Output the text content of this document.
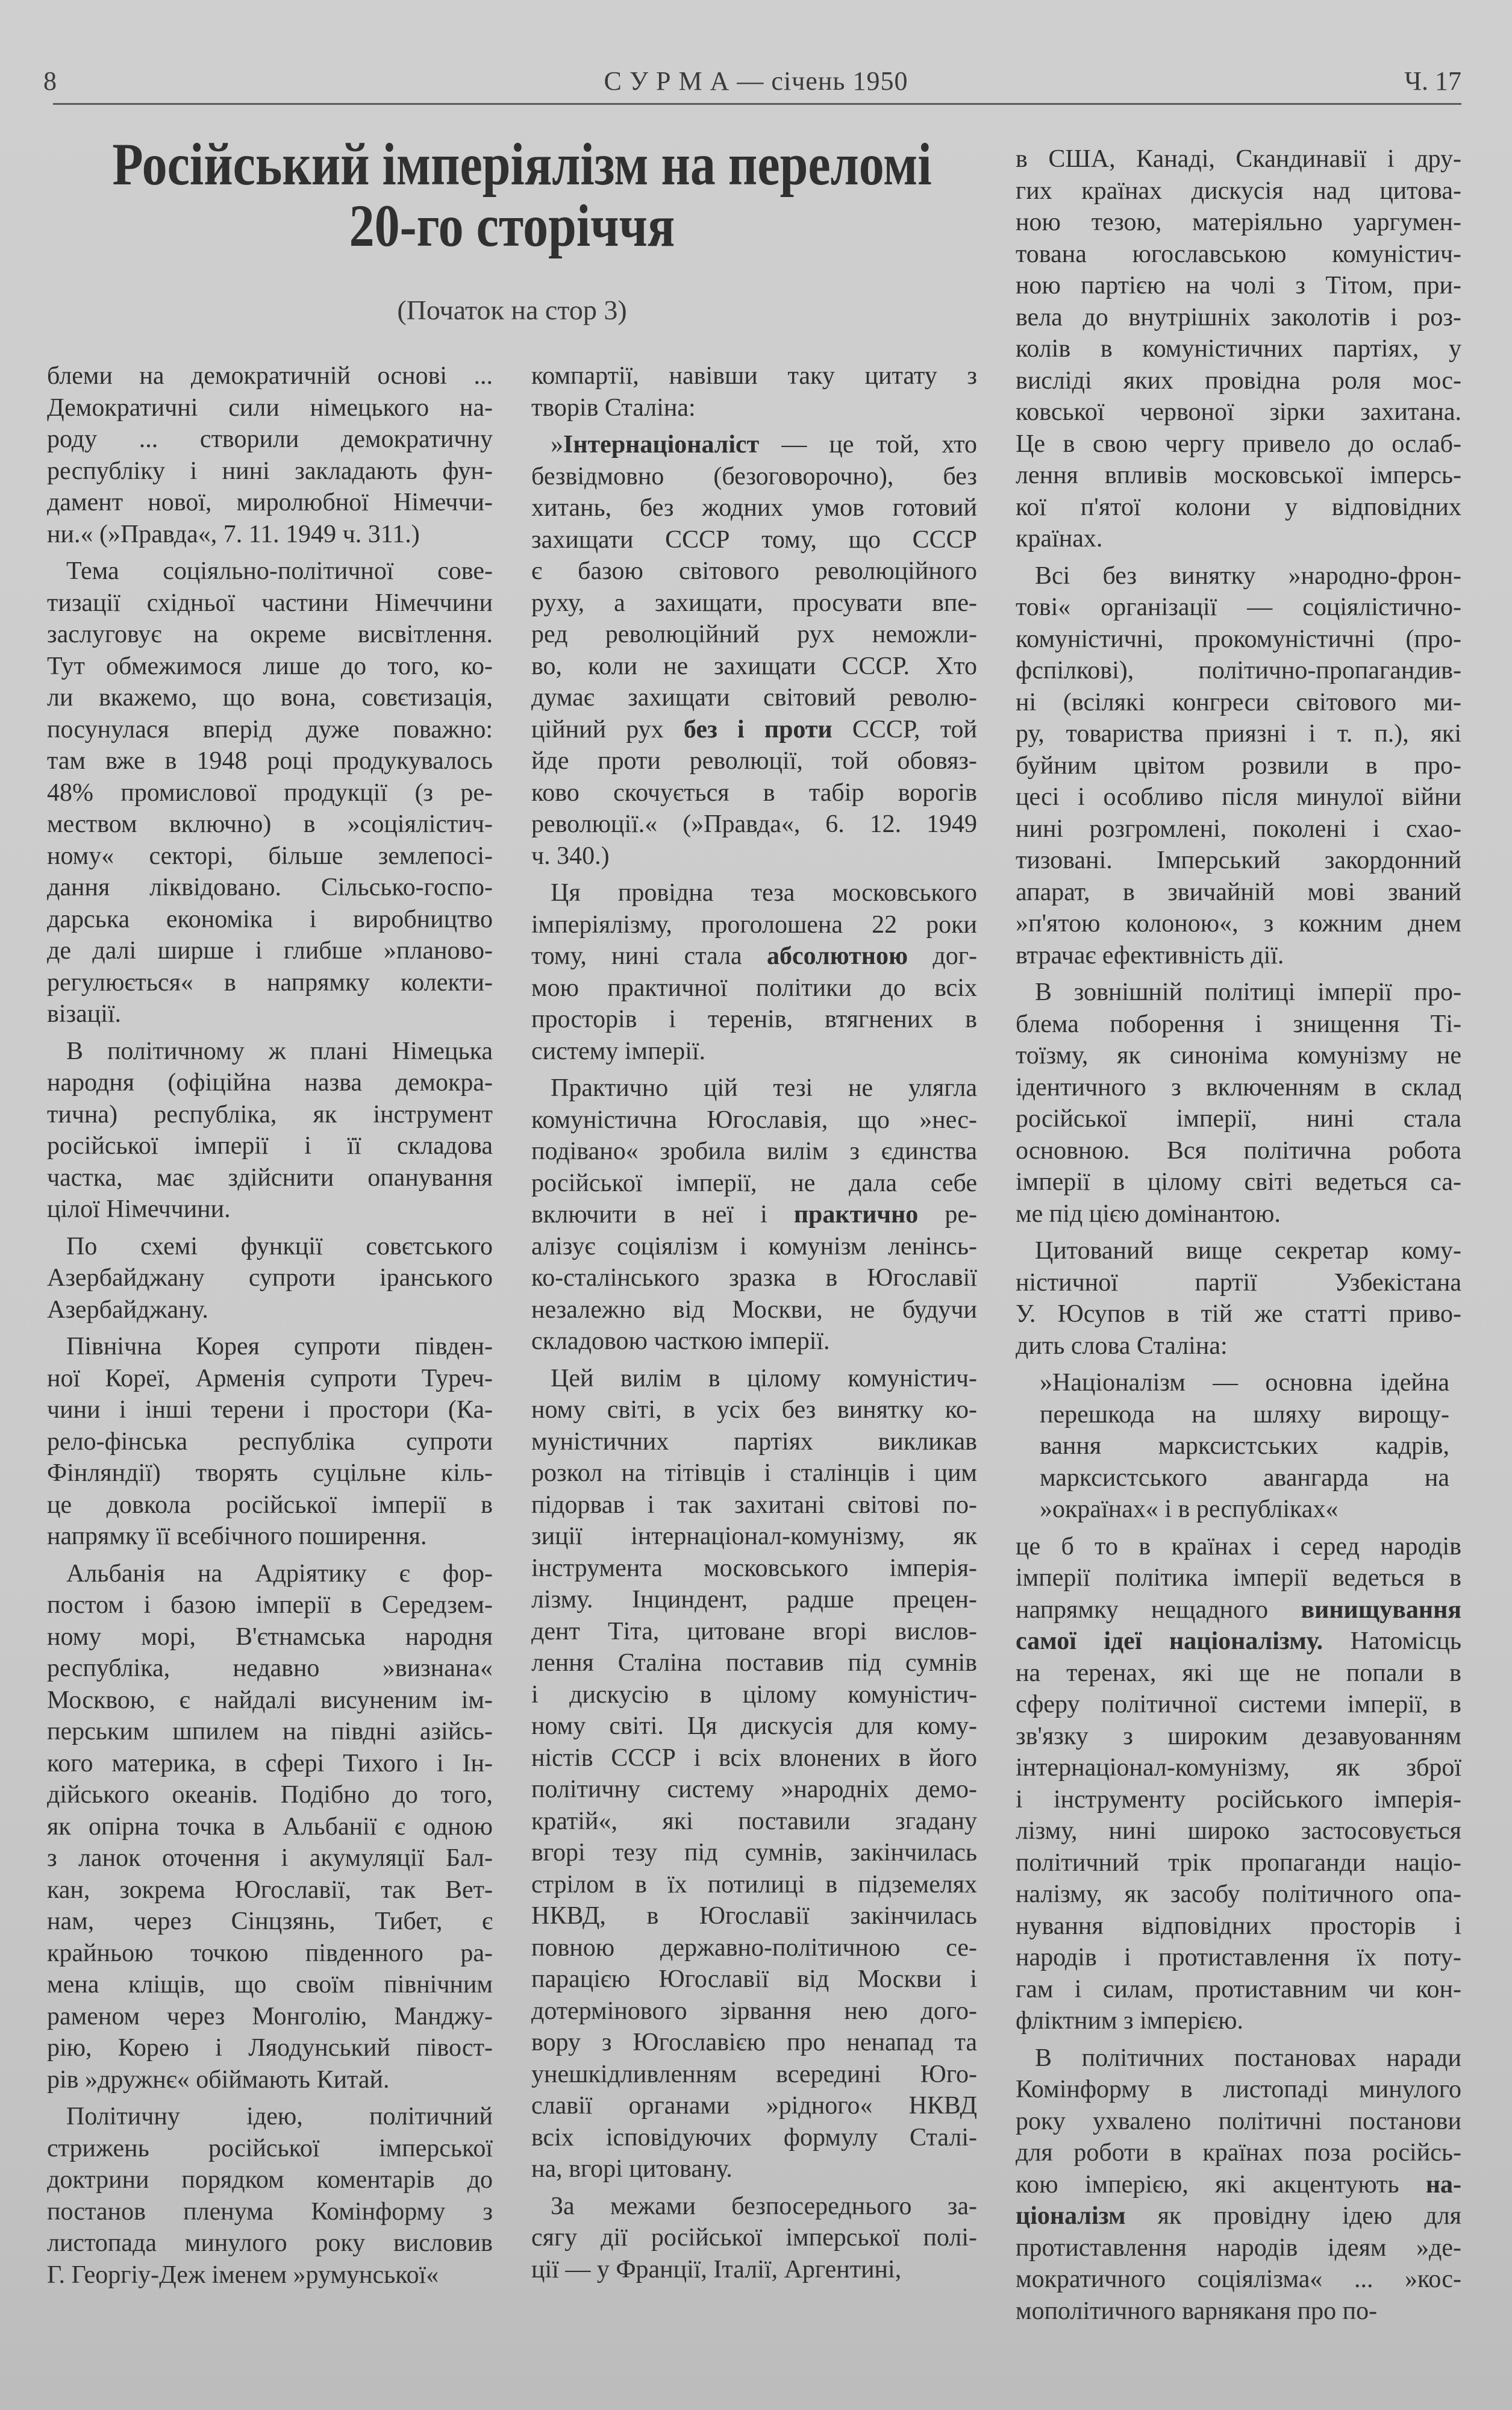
8	С У Р М А — січень 1950	Ч. 17
Російський імперіялізм на переломі
20-го сторіччя
(Початок на стор 3)
блеми на демократичній основі ...
Демократичні сили німецького на-
роду ... створили демократичну
республіку і нині закладають фун-
дамент нової, миролюбної Німеччи-
ни.« (»Правда«, 7. 11. 1949 ч. 311.)
Тема соціяльно-політичної сове-
тизації східньої частини Німеччини
заслуговує на окреме висвітлення.
Тут обмежимося лише до того, ко-
ли вкажемо, що вона, совєтизація,
посунулася вперід дуже поважно:
там вже в 1948 році продукувалось
48% промислової продукції (з ре-
меством включно) в »соціялістич-
ному« секторі, більше землепосі-
дання ліквідовано. Сільсько-госпо-
дарська економіка і виробництво
де далі ширше і глибше »планово-
регулюється« в напрямку колекти-
візації.
В політичному ж плані Німецька
народня (офіційна назва демокра-
тична) республіка, як інструмент
російської імперії і її складова
частка, має здійснити опанування
цілої Німеччини.
По схемі функції совєтського
Азербайджану супроти іранського
Азербайджану.
Північна Корея супроти півден-
ної Кореї, Арменія супроти Туреч-
чини і інші терени і простори (Ка-
рело-фінська республіка супроти
Фінляндії) творять суцільне кіль-
це довкола російської імперії в
напрямку її всебічного поширення.
Альбанія на Адріятику є фор-
постом і базою імперії в Середзем-
ному морі, В'єтнамська народня
республіка, недавно »визнана«
Москвою, є найдалі висуненим ім-
перським шпилем на півдні азійсь-
кого материка, в сфері Тихого і Ін-
дійського океанів. Подібно до того,
як опірна точка в Альбанії є одною
з ланок оточення і акумуляції Бал-
кан, зокрема Югославії, так Вет-
нам, через Сінцзянь, Тибет, є
крайньою точкою південного ра-
мена кліщів, що своїм північним
раменом через Монголію, Манджу-
рію, Корею і Ляодунський півост-
рів »дружнє« обіймають Китай.
Політичну ідею, політичний
стрижень російської імперської
доктрини порядком коментарів до
постанов пленума Комінформу з
листопада минулого року висловив
Г. Георгіу-Деж іменем »румунської«
компартії, навівши таку цитату з
творів Сталіна:
»Інтернаціоналіст — це той, хто
безвідмовно (безоговорочно), без
хитань, без жодних умов готовий
захищати СССР тому, що СССР
є базою світового революційного
руху, а захищати, просувати впе-
ред революційний рух неможли-
во, коли не захищати СССР. Хто
думає захищати світовий револю-
ційний рух без і проти СССР, той
йде проти революції, той обовяз-
ково скочується в табір ворогів
революції.« (»Правда«, 6. 12. 1949
ч. 340.)
Ця провідна теза московського
імперіялізму, проголошена 22 роки
тому, нині стала абсолютною дог-
мою практичної політики до всіх
просторів і теренів, втягнених в
систему імперії.
Практично цій тезі не улягла
комуністична Югославія, що »нес-
подівано« зробила вилім з єдинства
російської імперії, не дала себе
включити в неї і практично ре-
алізує соціялізм і комунізм ленінсь-
ко-сталінського зразка в Югославії
незалежно від Москви, не будучи
складовою часткою імперії.
Цей вилім в цілому комуністич-
ному світі, в усіх без винятку ко-
муністичних партіях викликав
розкол на тітівців і сталінців і цим
підорвав і так захитані світові по-
зиції інтернаціонал-комунізму, як
інструмента московського імперія-
лізму. Інциндент, радше прецен-
дент Тіта, цитоване вгорі вислов-
лення Сталіна поставив під сумнів
і дискусію в цілому комуністич-
ному світі. Ця дискусія для кому-
ністів СССР і всіх влонених в його
політичну систему »народніх демо-
кратій«, які поставили згадану
вгорі тезу під сумнів, закінчилась
стрілом в їх потилиці в підземелях
НКВД, в Югославії закінчилась
повною державно-політичною се-
парацією Югославії від Москви і
дотермінового зірвання нею дого-
вору з Югославією про ненапад та
унешкідливленням всередині Юго-
славії органами »рідного« НКВД
всіх ісповідуючих формулу Сталі-
на, вгорі цитовану.
За межами безпосереднього за-
сягу дії російської імперської полі-
ції — у Франції, Італії, Аргентині,
в США, Канаді, Скандинавії і дру-
гих країнах дискусія над цитова-
ною тезою, матеріяльно уаргумен-
тована югославською комуністич-
ною партією на чолі з Тітом, при-
вела до внутрішніх заколотів і роз-
колів в комуністичних партіях, у
висліді яких провідна роля мос-
ковської червоної зірки захитана.
Це в свою чергу привело до ослаб-
лення впливів московської імперсь-
кої п'ятої колони у відповідних
країнах.
Всі без винятку »народно-фрон-
тові« організації — соціялістично-
комуністичні, прокомуністичні (про-
фспілкові), політично-пропагандив-
ні (всілякі конгреси світового ми-
ру, товариства приязні і т. п.), які
буйним цвітом розвили в про-
цесі і особливо після минулої війни
нині розгромлені, поколені і схао-
тизовані. Імперський закордонний
апарат, в звичайній мові званий
»п'ятою колоною«, з кожним днем
втрачає ефективність дії.
В зовнішній політиці імперії про-
блема поборення і знищення Ті-
тоїзму, як синоніма комунізму не
ідентичного з включенням в склад
російської імперії, нині стала
основною. Вся політична робота
імперії в цілому світі ведеться са-
ме під цією домінантою.
Цитований вище секретар кому-
ністичної партії Узбекістана
У. Юсупов в тій же статті приво-
дить слова Сталіна:
»Націоналізм — основна ідейна
перешкода на шляху вирощу-
вання марксистських кадрів,
марксистського авангарда на
»окраїнах« і в республіках«
це б то в країнах і серед народів
імперії політика імперії ведеться в
напрямку нещадного винищування
самої ідеї націоналізму. Натомісць
на теренах, які ще не попали в
сферу політичної системи імперії, в
зв'язку з широким дезавуованням
інтернаціонал-комунізму, як зброї
і інструменту російського імперія-
лізму, нині широко застосовується
політичний трік пропаганди націо-
налізму, як засобу політичного опа-
нування відповідних просторів і
народів і протиставлення їх поту-
гам і силам, протиставним чи кон-
фліктним з імперією.
В політичних постановах наради
Комінформу в листопаді минулого
року ухвалено політичні постанови
для роботи в країнах поза російсь-
кою імперією, які акцентують на-
ціоналізм як провідну ідею для
протиставлення народів ідеям »де-
мократичного соціялізма« ... »кос-
мополітичного варняканя про по-
